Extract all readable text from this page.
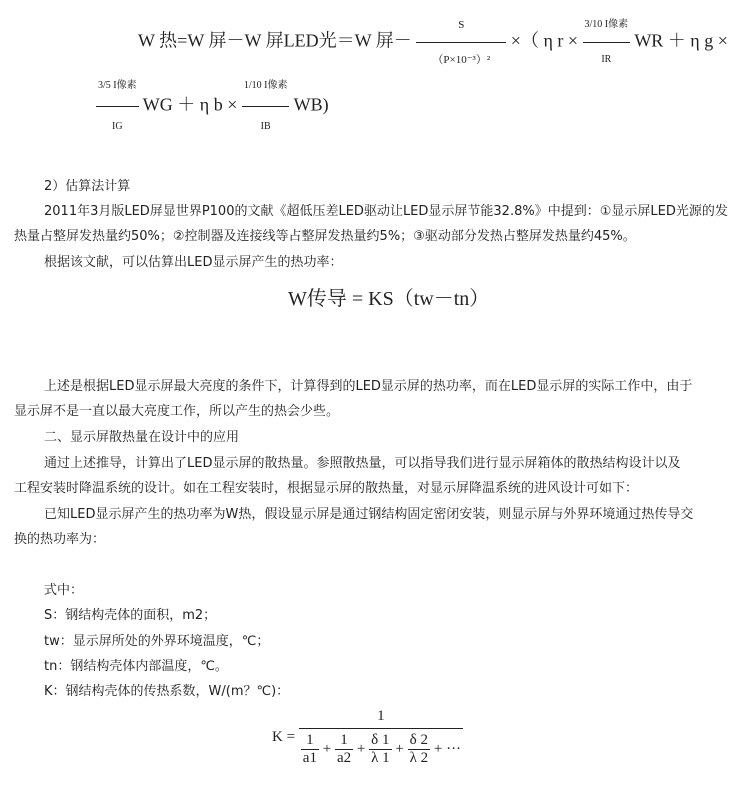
W 热=W 屏－W 屏LED光＝W 屏－ $\frac{S}{\text{（P×10⁻³）²}}$ ×（ η $r \times \frac{\text{3/10 I像素}}{IR}$ WR ＋ η g ×
$\frac{\text{3/5 I像素}}{IG}$ WG ＋ η $b \times \frac{\text{1/10 I像素}}{IB} WB$)
2）估算法计算
2011年3月版LED屏显世界P100的文献《超低压差LED驱动让LED显示屏节能32.8%》中提到：①显示屏LED光源的发
热量占整屏发热量约50%；②控制器及连接线等占整屏发热量约5%；③驱动部分发热占整屏发热量约45%。
根据该文献，可以估算出LED显示屏产生的热功率：
W传导 = KS（tw－tn）
上述是根据LED显示屏最大亮度的条件下，计算得到的LED显示屏的热功率，而在LED显示屏的实际工作中，由于
显示屏不是一直以最大亮度工作，所以产生的热会少些。
二、显示屏散热量在设计中的应用
通过上述推导，计算出了LED显示屏的散热量。参照散热量，可以指导我们进行显示屏箱体的散热结构设计以及
工程安装时降温系统的设计。如在工程安装时，根据显示屏的散热量，对显示屏降温系统的进风设计可如下：
已知LED显示屏产生的热功率为W热，假设显示屏是通过钢结构固定密闭安装，则显示屏与外界环境通过热传导交
换的热功率为：
式中：
S：钢结构壳体的面积，m2；
tw：显示屏所处的外界环境温度，℃；
tn：钢结构壳体内部温度，℃。
K：钢结构壳体的传热系数，W/(m？℃)：
K =
1
$\frac{1}{a1} + \frac{1}{a2} + \frac{\delta 1}{\lambda 1} + \frac{\delta 2}{\lambda 2}$ + ···
